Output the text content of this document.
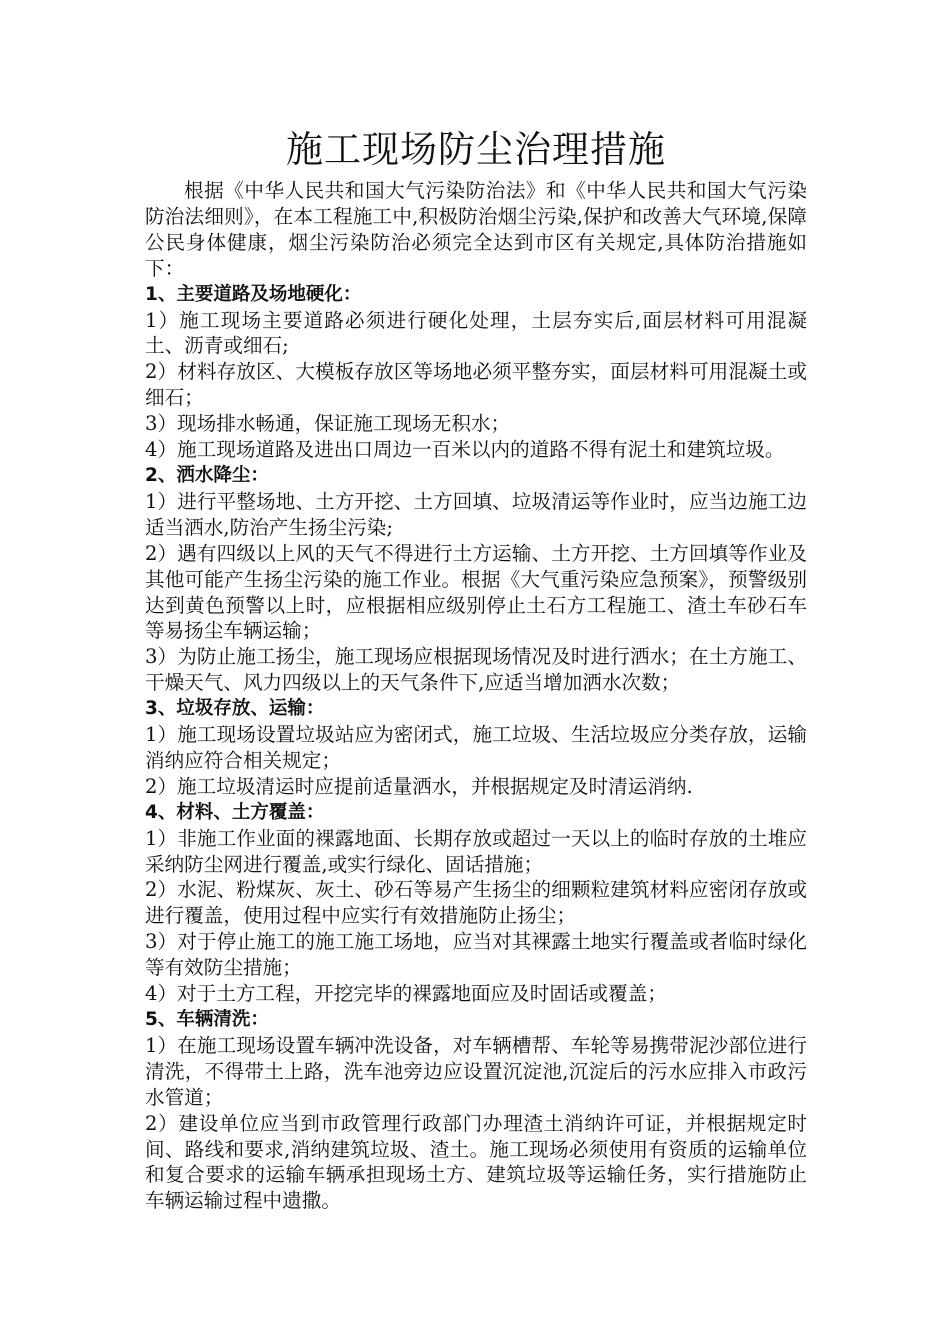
施工现场防尘治理措施

根据《中华人民共和国大气污染防治法》和《中华人民共和国大气污染防治法细则》，在本工程施工中,积极防治烟尘污染,保护和改善大气环境,保障公民身体健康，烟尘污染防治必须完全达到市区有关规定,具体防治措施如下：

1、主要道路及场地硬化：

1）施工现场主要道路必须进行硬化处理，土层夯实后,面层材料可用混凝土、沥青或细石;

2）材料存放区、大模板存放区等场地必须平整夯实，面层材料可用混凝土或细石；

3）现场排水畅通，保证施工现场无积水；

4）施工现场道路及进出口周边一百米以内的道路不得有泥土和建筑垃圾。

2、洒水降尘：

1）进行平整场地、土方开挖、土方回填、垃圾清运等作业时，应当边施工边适当洒水,防治产生扬尘污染;

2）遇有四级以上风的天气不得进行土方运输、土方开挖、土方回填等作业及其他可能产生扬尘污染的施工作业。根据《大气重污染应急预案》，预警级别达到黄色预警以上时，应根据相应级别停止土石方工程施工、渣土车砂石车等易扬尘车辆运输；

3）为防止施工扬尘，施工现场应根据现场情况及时进行洒水；在土方施工、干燥天气、风力四级以上的天气条件下,应适当增加洒水次数；

3、垃圾存放、运输：

1）施工现场设置垃圾站应为密闭式，施工垃圾、生活垃圾应分类存放，运输消纳应符合相关规定；

2）施工垃圾清运时应提前适量洒水，并根据规定及时清运消纳.

4、材料、土方覆盖：

1）非施工作业面的裸露地面、长期存放或超过一天以上的临时存放的土堆应采纳防尘网进行覆盖,或实行绿化、固话措施；

2）水泥、粉煤灰、灰土、砂石等易产生扬尘的细颗粒建筑材料应密闭存放或进行覆盖，使用过程中应实行有效措施防止扬尘；

3）对于停止施工的施工施工场地，应当对其裸露土地实行覆盖或者临时绿化等有效防尘措施；

4）对于土方工程，开挖完毕的裸露地面应及时固话或覆盖；

5、车辆清洗：

1）在施工现场设置车辆冲洗设备，对车辆槽帮、车轮等易携带泥沙部位进行清洗，不得带土上路，洗车池旁边应设置沉淀池,沉淀后的污水应排入市政污水管道；

2）建设单位应当到市政管理行政部门办理渣土消纳许可证，并根据规定时间、路线和要求,消纳建筑垃圾、渣土。施工现场必须使用有资质的运输单位和复合要求的运输车辆承担现场土方、建筑垃圾等运输任务，实行措施防止车辆运输过程中遗撒。
